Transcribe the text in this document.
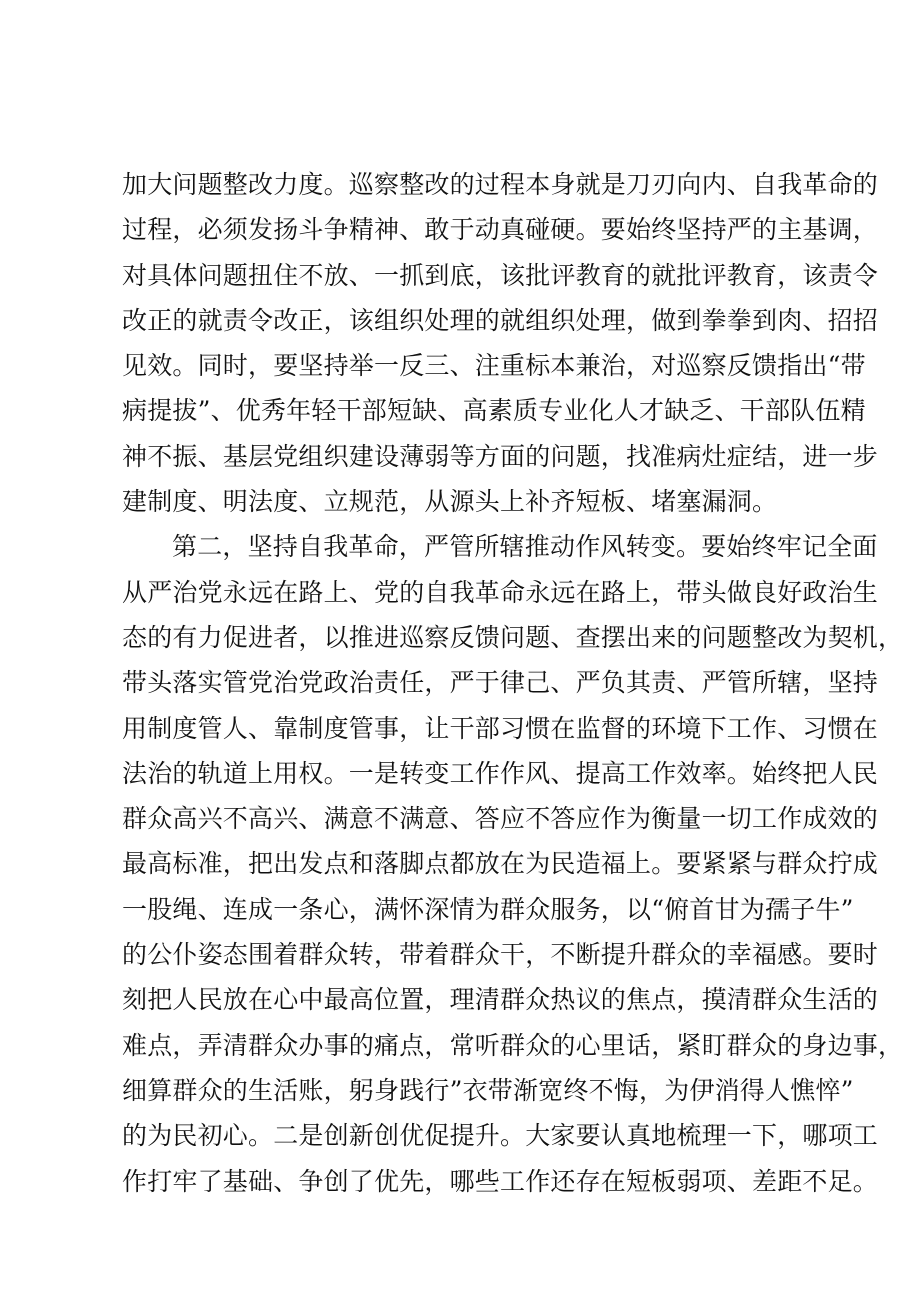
加大问题整改力度。巡察整改的过程本身就是刀刃向内、自我革命的
过程，必须发扬斗争精神、敢于动真碰硬。要始终坚持严的主基调，
对具体问题扭住不放、一抓到底，该批评教育的就批评教育，该责令
改正的就责令改正，该组织处理的就组织处理，做到拳拳到肉、招招
见效。同时，要坚持举一反三、注重标本兼治，对巡察反馈指出“带
病提拔”、优秀年轻干部短缺、高素质专业化人才缺乏、干部队伍精
神不振、基层党组织建设薄弱等方面的问题，找准病灶症结，进一步
建制度、明法度、立规范，从源头上补齐短板、堵塞漏洞。
第二，坚持自我革命，严管所辖推动作风转变。要始终牢记全面
从严治党永远在路上、党的自我革命永远在路上，带头做良好政治生
态的有力促进者，以推进巡察反馈问题、查摆出来的问题整改为契机，
带头落实管党治党政治责任，严于律己、严负其责、严管所辖，坚持
用制度管人、靠制度管事，让干部习惯在监督的环境下工作、习惯在
法治的轨道上用权。一是转变工作作风、提高工作效率。始终把人民
群众高兴不高兴、满意不满意、答应不答应作为衡量一切工作成效的
最高标准，把出发点和落脚点都放在为民造福上。要紧紧与群众拧成
一股绳、连成一条心，满怀深情为群众服务，以“俯首甘为孺子牛”
的公仆姿态围着群众转，带着群众干，不断提升群众的幸福感。要时
刻把人民放在心中最高位置，理清群众热议的焦点，摸清群众生活的
难点，弄清群众办事的痛点，常听群众的心里话，紧盯群众的身边事，
细算群众的生活账，躬身践行”衣带渐宽终不悔，为伊消得人憔悴”
的为民初心。二是创新创优促提升。大家要认真地梳理一下，哪项工
作打牢了基础、争创了优先，哪些工作还存在短板弱项、差距不足。
